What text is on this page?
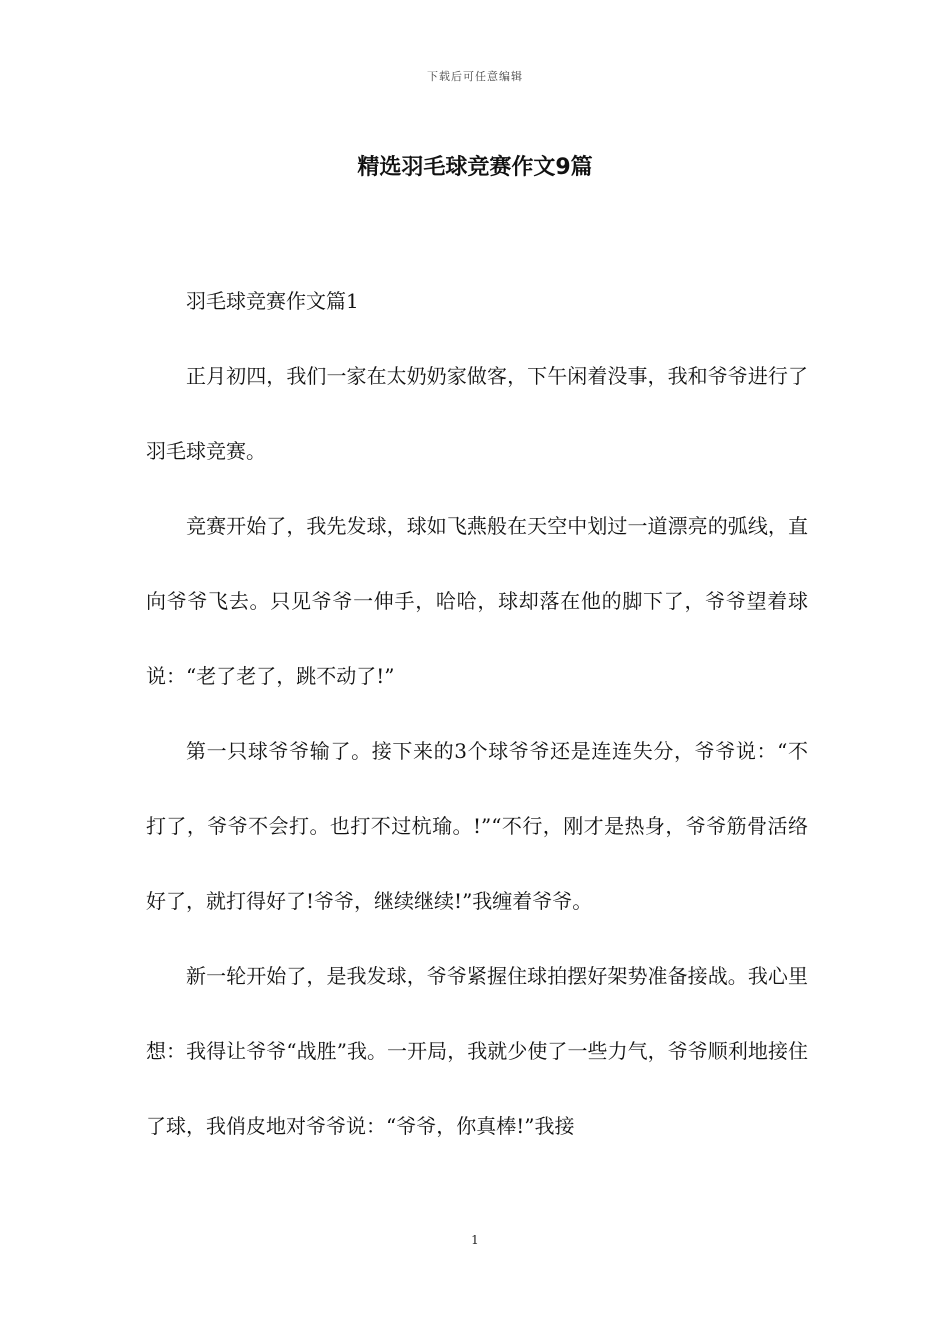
下载后可任意编辑
精选羽毛球竞赛作文9篇

羽毛球竞赛作文篇1

正月初四，我们一家在太奶奶家做客，下午闲着没事，我和爷爷进行了羽毛球竞赛。

竞赛开始了，我先发球，球如飞燕般在天空中划过一道漂亮的弧线，直向爷爷飞去。只见爷爷一伸手，哈哈，球却落在他的脚下了，爷爷望着球说：“老了老了，跳不动了!”

第一只球爷爷输了。接下来的3个球爷爷还是连连失分，爷爷说：“不打了，爷爷不会打。也打不过杭瑜。!”“不行，刚才是热身，爷爷筋骨活络好了，就打得好了!爷爷，继续继续!”我缠着爷爷。

新一轮开始了，是我发球，爷爷紧握住球拍摆好架势准备接战。我心里想：我得让爷爷“战胜”我。一开局，我就少使了一些力气，爷爷顺利地接住了球，我俏皮地对爷爷说：“爷爷，你真棒!”我接

1
